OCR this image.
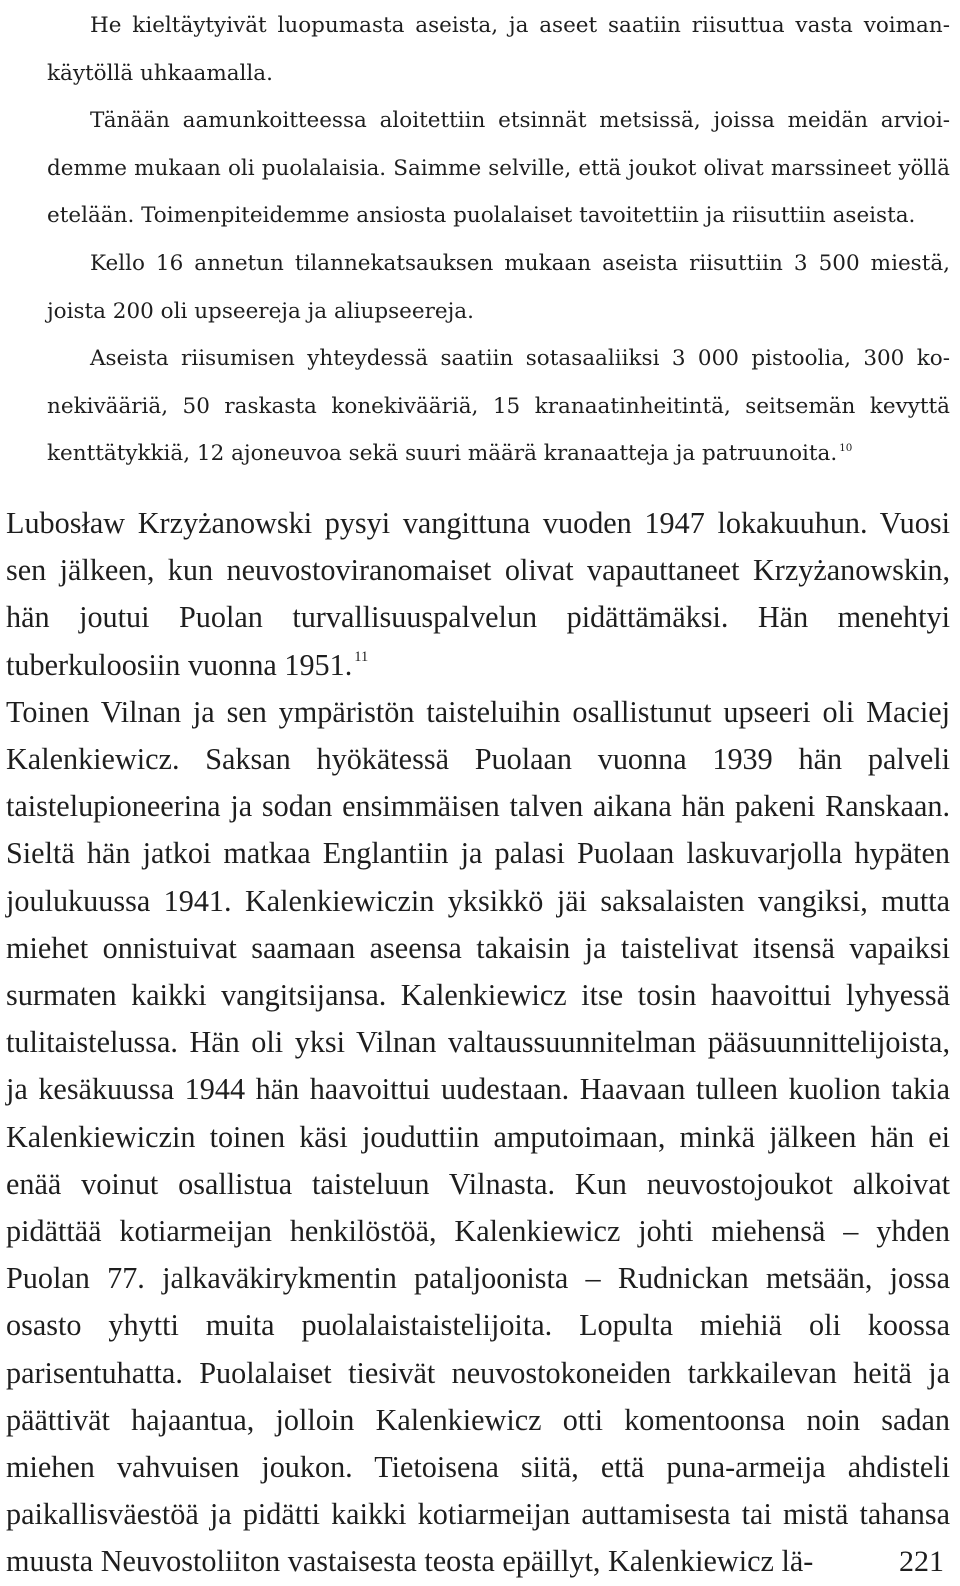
He kieltäytyivät luopumasta aseista, ja aseet saatiin riisuttua vasta voimankäytöllä uhkaamalla.

Tänään aamunkoitteessa aloitettiin etsinnät metsissä, joissa meidän arvioidemme mukaan oli puolalaisia. Saimme selville, että joukot olivat marssineet yöllä etelään. Toimenpiteidemme ansiosta puolalaiset tavoitettiin ja riisuttiin aseista.

Kello 16 annetun tilannekatsauksen mukaan aseista riisuttiin 3 500 miestä, joista 200 oli upseereja ja aliupseereja.

Aseista riisumisen yhteydessä saatiin sotasaaliiksi 3 000 pistoolia, 300 konekivääriä, 50 raskasta konekivääriä, 15 kranaatinheitintä, seitsemän kevyttä kenttätykkiä, 12 ajoneuvoa sekä suuri määrä kranaatteja ja patruunoita. $^{10}$

Lubosław Krzyżanowski pysyi vangittuna vuoden 1947 lokakuuhun. Vuosi sen jälkeen, kun neuvostoviranomaiset olivat vapauttaneet Krzyżanowskin, hän joutui Puolan turvallisuuspalvelun pidättämäksi. Hän menehtyi tuberkuloosiin vuonna 1951. $^{11}$

Toinen Vilnan ja sen ympäristön taisteluihin osallistunut upseeri oli Maciej Kalenkiewicz. Saksan hyökätessä Puolaan vuonna 1939 hän palveli taistelupioneerina ja sodan ensimmäisen talven aikana hän pakeni Ranskaan. Sieltä hän jatkoi matkaa Englantiin ja palasi Puolaan laskuvarjolla hypäten joulukuussa 1941. Kalenkiewiczin yksikkö jäi saksalaisten vangiksi, mutta miehet onnistuivat saamaan aseensa takaisin ja taistelivat itsensä vapaiksi surmaten kaikki vangitsijansa. Kalenkiewicz itse tosin haavoittui lyhyessä tulitaistelussa. Hän oli yksi Vilnan valtaussuunnitelman pääsuunnittelijoista, ja kesäkuussa 1944 hän haavoittui uudestaan. Haavaan tulleen kuolion takia Kalenkiewiczin toinen käsi jouduttiin amputoimaan, minkä jälkeen hän ei enää voinut osallistua taisteluun Vilnasta. Kun neuvostojoukot alkoivat pidättää kotiarmeijan henkilöstöä, Kalenkiewicz johti miehensä – yhden Puolan 77. jalkaväkirykmentin pataljoonista – Rudnickan metsään, jossa osasto yhytti muita puolalaistaistelijoita. Lopulta miehiä oli koossa parisentuhatta. Puolalaiset tiesivät neuvostokoneiden tarkkailevan heitä ja päättivät hajaantua, jolloin Kalenkiewicz otti komentoonsa noin sadan miehen vahvuisen joukon. Tietoisena siitä, että puna-armeija ahdisteli paikallisväestöä ja pidätti kaikki kotiarmeijan auttamisesta tai mistä tahansa muusta Neuvostoliiton vastaisesta teosta epäillyt, Kalenkiewicz lä-	221
